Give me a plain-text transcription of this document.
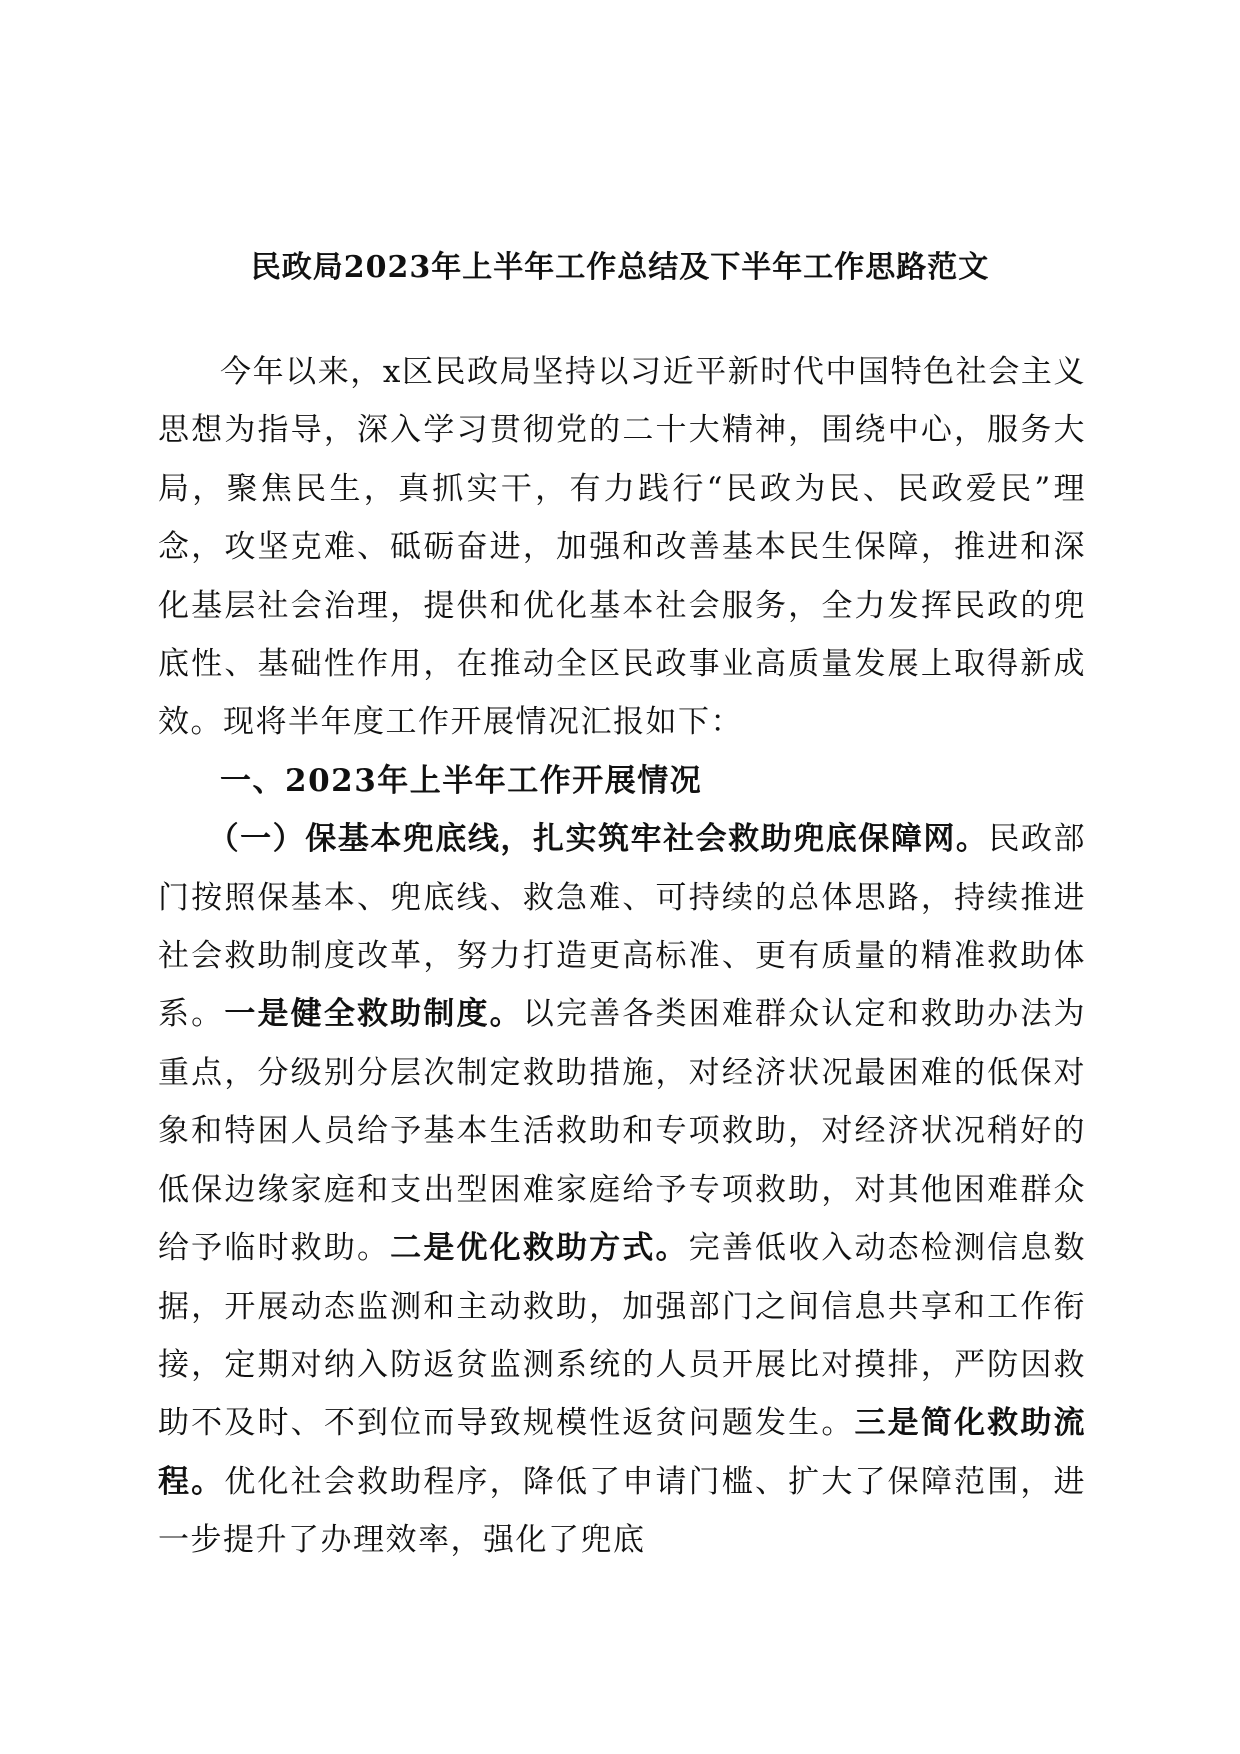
民政局2023年上半年工作总结及下半年工作思路范文

今年以来，x区民政局坚持以习近平新时代中国特色社会主义思想为指导，深入学习贯彻党的二十大精神，围绕中心，服务大局，聚焦民生，真抓实干，有力践行“民政为民、民政爱民”理念，攻坚克难、砥砺奋进，加强和改善基本民生保障，推进和深化基层社会治理，提供和优化基本社会服务，全力发挥民政的兜底性、基础性作用，在推动全区民政事业高质量发展上取得新成效。现将半年度工作开展情况汇报如下：

一、2023年上半年工作开展情况

（一）保基本兜底线，扎实筑牢社会救助兜底保障网。民政部门按照保基本、兜底线、救急难、可持续的总体思路，持续推进社会救助制度改革，努力打造更高标准、更有质量的精准救助体系。一是健全救助制度。以完善各类困难群众认定和救助办法为重点，分级别分层次制定救助措施，对经济状况最困难的低保对象和特困人员给予基本生活救助和专项救助，对经济状况稍好的低保边缘家庭和支出型困难家庭给予专项救助，对其他困难群众给予临时救助。二是优化救助方式。完善低收入动态检测信息数据，开展动态监测和主动救助，加强部门之间信息共享和工作衔接，定期对纳入防返贫监测系统的人员开展比对摸排，严防因救助不及时、不到位而导致规模性返贫问题发生。三是简化救助流程。优化社会救助程序，降低了申请门槛、扩大了保障范围，进一步提升了办理效率，强化了兜底
